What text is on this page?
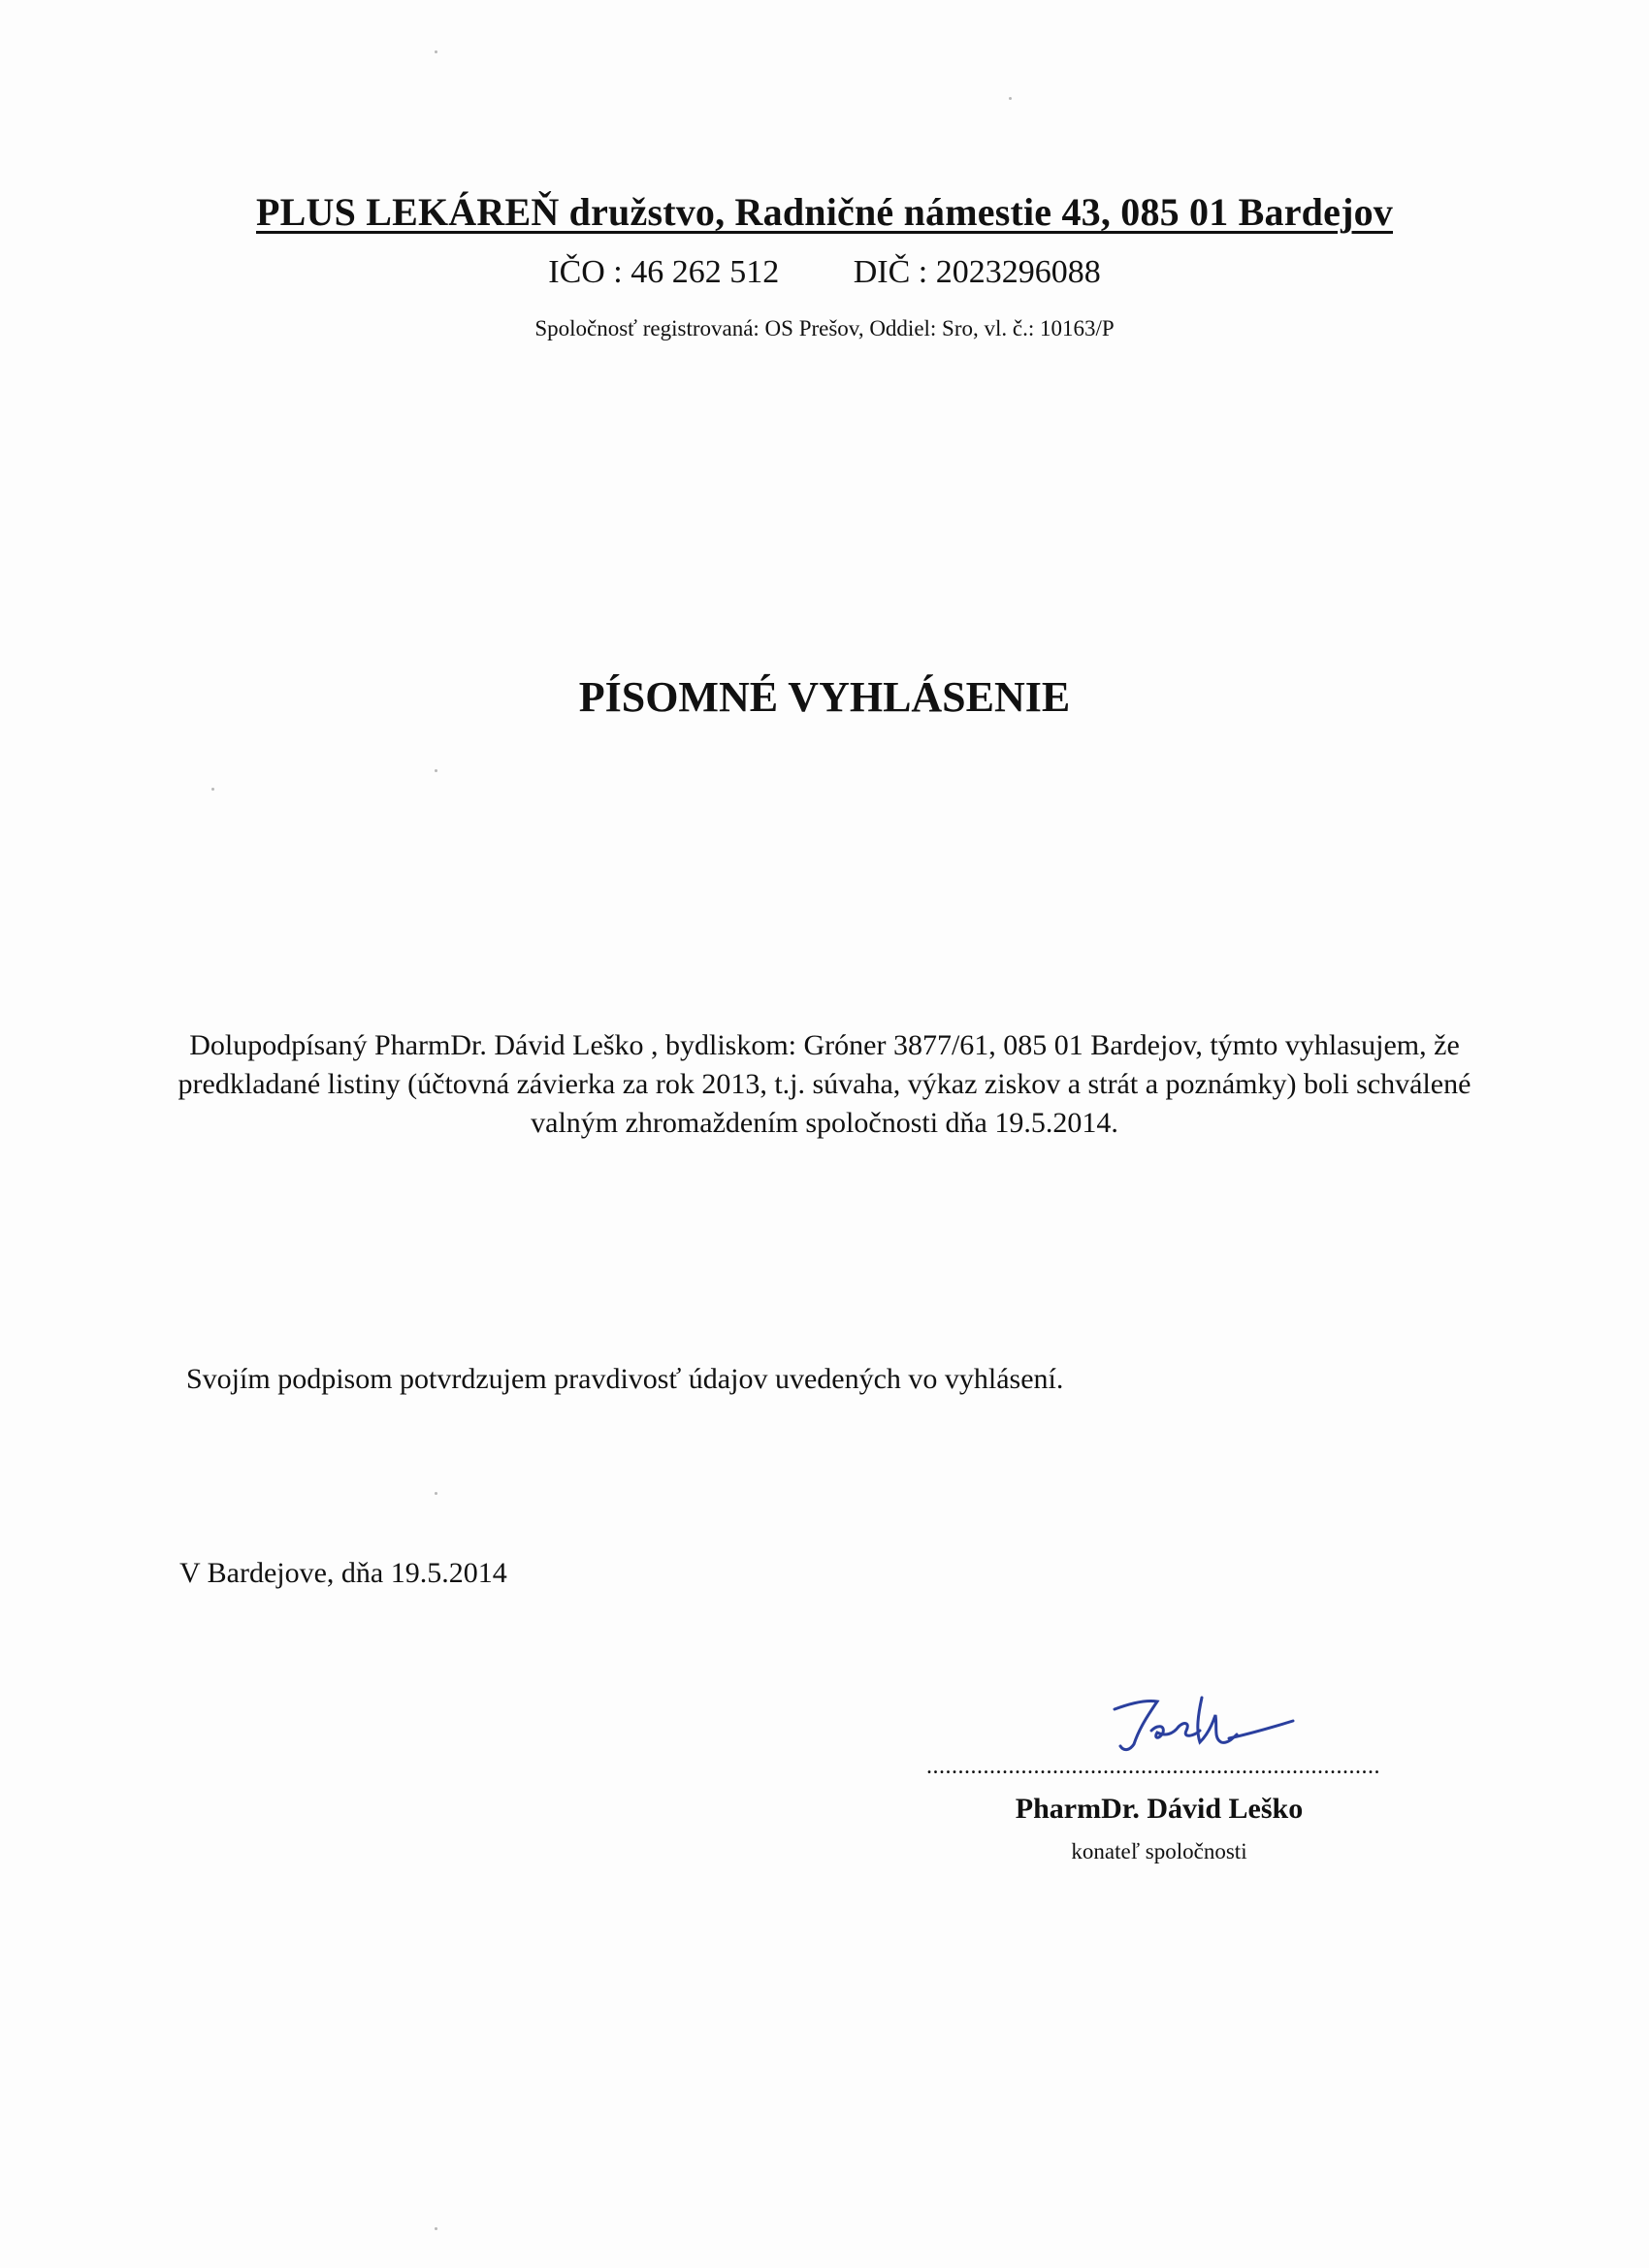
PLUS LEKÁREŇ družstvo, Radničné námestie 43, 085 01 Bardejov
IČO : 46 262 512 DIČ : 2023296088
Spoločnosť registrovaná: OS Prešov, Oddiel: Sro, vl. č.: 10163/P
PÍSOMNÉ VYHLÁSENIE
Dolupodpísaný PharmDr. Dávid Leško , bydliskom: Gróner 3877/61, 085 01 Bardejov, týmto vyhlasujem, že
predkladané listiny (účtovná závierka za rok 2013, t.j. súvaha, výkaz ziskov a strát a poznámky) boli schválené
valným zhromaždením spoločnosti dňa 19.5.2014.
Svojím podpisom potvrdzujem pravdivosť údajov uvedených vo vyhlásení.
V Bardejove, dňa 19.5.2014
........................................................................
PharmDr. Dávid Leško
konateľ spoločnosti
